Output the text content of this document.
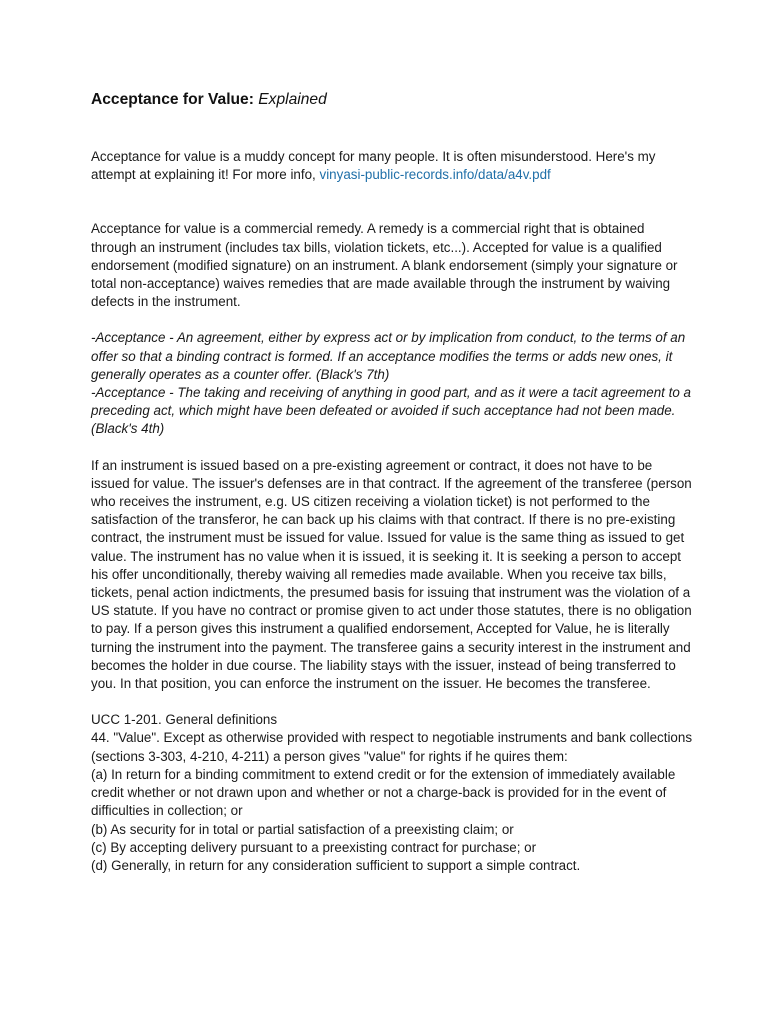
Acceptance for Value: Explained

Acceptance for value is a muddy concept for many people. It is often misunderstood. Here's my attempt at explaining it! For more info, vinyasi-public-records.info/data/a4v.pdf

Acceptance for value is a commercial remedy. A remedy is a commercial right that is obtained through an instrument (includes tax bills, violation tickets, etc...). Accepted for value is a qualified endorsement (modified signature) on an instrument. A blank endorsement (simply your signature or total non-acceptance) waives remedies that are made available through the instrument by waiving defects in the instrument.

-Acceptance - An agreement, either by express act or by implication from conduct, to the terms of an offer so that a binding contract is formed. If an acceptance modifies the terms or adds new ones, it generally operates as a counter offer. (Black's 7th)

-Acceptance - The taking and receiving of anything in good part, and as it were a tacit agreement to a preceding act, which might have been defeated or avoided if such acceptance had not been made. (Black's 4th)

If an instrument is issued based on a pre-existing agreement or contract, it does not have to be issued for value. The issuer's defenses are in that contract. If the agreement of the transferee (person who receives the instrument, e.g. US citizen receiving a violation ticket) is not performed to the satisfaction of the transferor, he can back up his claims with that contract. If there is no pre-existing contract, the instrument must be issued for value. Issued for value is the same thing as issued to get value. The instrument has no value when it is issued, it is seeking it. It is seeking a person to accept his offer unconditionally, thereby waiving all remedies made available. When you receive tax bills, tickets, penal action indictments, the presumed basis for issuing that instrument was the violation of a US statute. If you have no contract or promise given to act under those statutes, there is no obligation to pay. If a person gives this instrument a qualified endorsement, Accepted for Value, he is literally turning the instrument into the payment. The transferee gains a security interest in the instrument and becomes the holder in due course. The liability stays with the issuer, instead of being transferred to you. In that position, you can enforce the instrument on the issuer. He becomes the transferee.

UCC 1-201. General definitions

44. "Value". Except as otherwise provided with respect to negotiable instruments and bank collections (sections 3-303, 4-210, 4-211) a person gives "value" for rights if he quires them:

(a) In return for a binding commitment to extend credit or for the extension of immediately available credit whether or not drawn upon and whether or not a charge-back is provided for in the event of difficulties in collection; or

(b) As security for in total or partial satisfaction of a preexisting claim; or

(c) By accepting delivery pursuant to a preexisting contract for purchase; or

(d) Generally, in return for any consideration sufficient to support a simple contract.
